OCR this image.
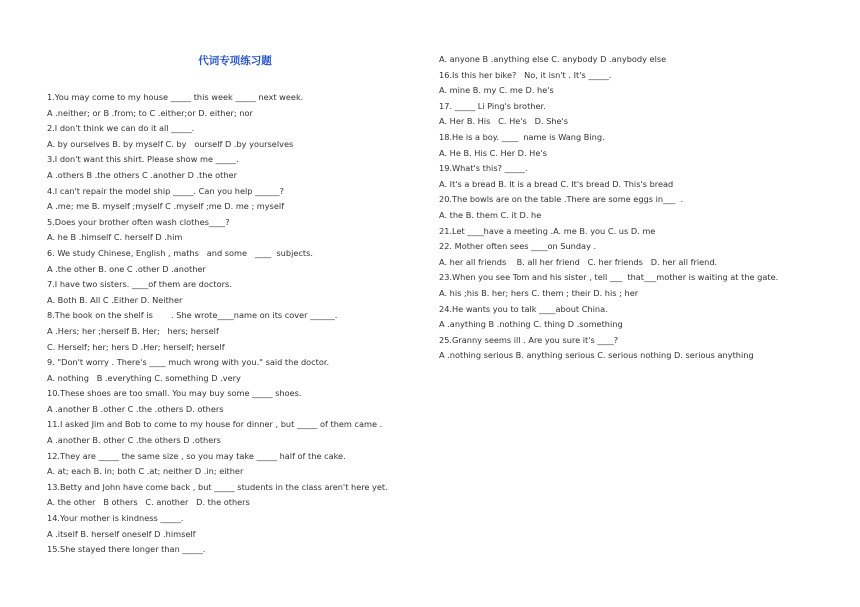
代词专项练习题
1.You may come to my house _____ this week _____ next week.
A .neither; or B .from; to C .either;or D. either; nor
2.I don't think we can do it all _____.
A. by ourselves B. by myself C. by   ourself D .by yourselves
3.I don't want this shirt. Please show me _____.
A .others B .the others C .another D .the other
4.I can't repair the model ship _____. Can you help ______?
A .me; me B. myself ;myself C .myself ;me D. me ; myself
5.Does your brother often wash clothes____?
A. he B .himself C. herself D .him
6. We study Chinese, English , maths   and some   ____  subjects.
A .the other B. one C .other D .another
7.I have two sisters. ____of them are doctors.
A. Both B. All C .Either D. Neither
8.The book on the shelf is       . She wrote____name on its cover ______.
A .Hers; her ;herself B. Her;   hers; herself
C. Herself; her; hers D .Her; herself; herself
9. "Don't worry . There's ____ much wrong with you." said the doctor.
A. nothing   B .everything C. something D .very
10.These shoes are too small. You may buy some _____ shoes.
A .another B .other C .the .others D. others
11.I asked Jim and Bob to come to my house for dinner , but _____ of them came .
A .another B. other C .the others D .others
12.They are _____ the same size , so you may take _____ half of the cake.
A. at; each B. in; both C .at; neither D .in; either
13.Betty and John have come back , but _____ students in the class aren't here yet.
A. the other   B others   C. another   D. the others
14.Your mother is kindness _____.
A .itself B. herself oneself D .himself
15.She stayed there longer than _____.
A. anyone B .anything else C. anybody D .anybody else
16.Is this her bike?   No, it isn't . It's _____.
A. mine B. my C. me D. he's
17. _____ Li Ping's brother.
A. Her B. His   C. He's   D. She's
18.He is a boy. ____  name is Wang Bing.
A. He B. His C. Her D. He's
19.What's this? _____.
A. It's a bread B. It is a bread C. It's bread D. This's bread
20.The bowls are on the table .There are some eggs in___  .
A. the B. them C. it D. he
21.Let ____have a meeting .A. me B. you C. us D. me
22. Mother often sees ____on Sunday .
A. her all friends    B. all her friend   C. her friends   D. her all friend.
23.When you see Tom and his sister , tell ___  that___mother is waiting at the gate.
A. his ;his B. her; hers C. them ; their D. his ; her
24.He wants you to talk ____about China.
A .anything B .nothing C. thing D .something
25.Granny seems ill . Are you sure it's ____?
A .nothing serious B. anything serious C. serious nothing D. serious anything
